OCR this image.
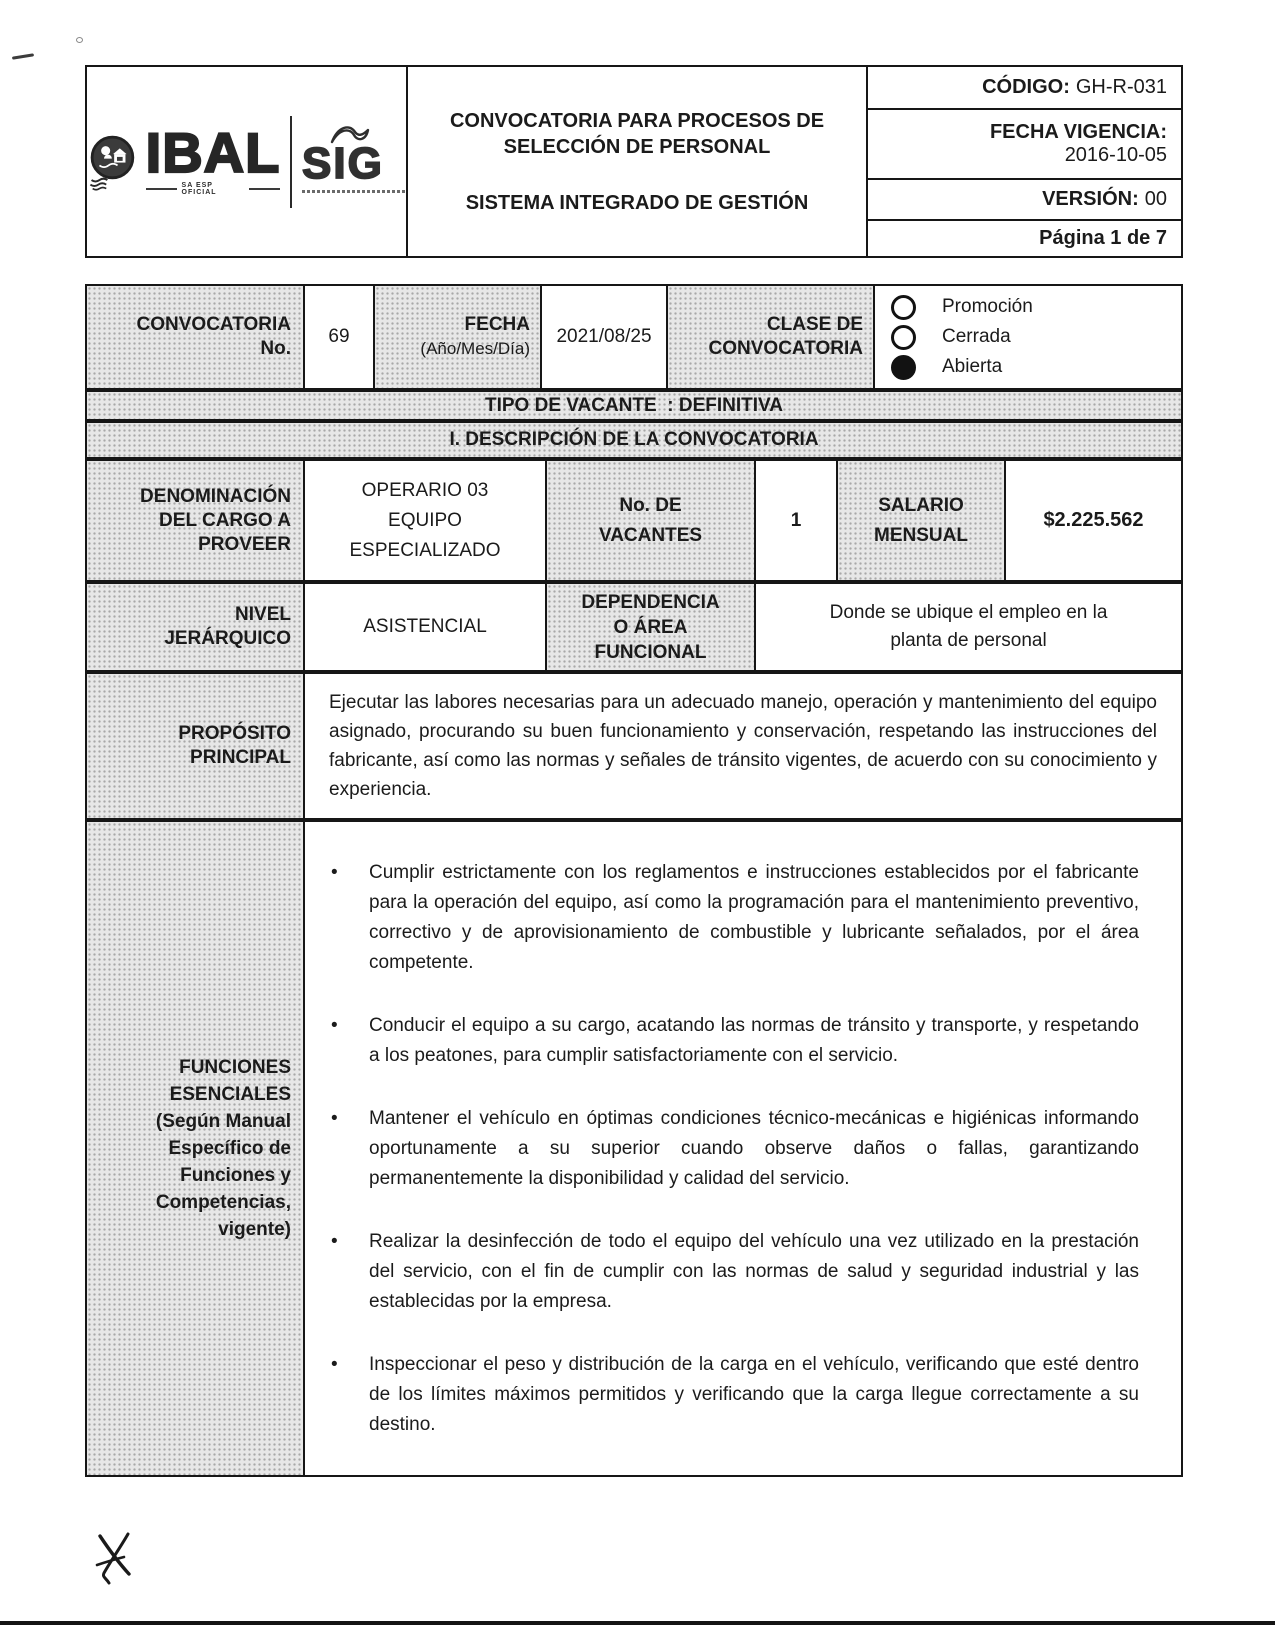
IBAL
SA ESP OFICIAL
SIG
CONVOCATORIA PARA PROCESOS DE SELECCIÓN DE PERSONAL
SISTEMA INTEGRADO DE GESTIÓN
CÓDIGO: GH-R-031
FECHA VIGENCIA:
2016-10-05
VERSIÓN: 00
Página 1 de 7
CONVOCATORIA
No.
69
FECHA
(Año/Mes/Día)
2021/08/25
CLASE DE
CONVOCATORIA
Promoción
Cerrada
Abierta
TIPO DE VACANTE  : DEFINITIVA
I. DESCRIPCIÓN DE LA CONVOCATORIA
DENOMINACIÓN DEL CARGO A PROVEER
OPERARIO 03 EQUIPO ESPECIALIZADO
No. DE VACANTES
1
SALARIO MENSUAL
$2.225.562
NIVEL JERÁRQUICO
ASISTENCIAL
DEPENDENCIA O ÁREA FUNCIONAL
Donde se ubique el empleo en la planta de personal
PROPÓSITO PRINCIPAL
Ejecutar las labores necesarias para un adecuado manejo, operación y mantenimiento del equipo asignado, procurando su buen funcionamiento y conservación, respetando las instrucciones del fabricante, así como las normas y señales de tránsito vigentes, de acuerdo con su conocimiento y experiencia.
FUNCIONES ESENCIALES
(Según Manual Específico de Funciones y Competencias, vigente)
•
Cumplir estrictamente con los reglamentos e instrucciones establecidos por el fabricante para la operación del equipo, así como la programación para el mantenimiento preventivo, correctivo y de aprovisionamiento de combustible y lubricante señalados, por el área competente.
•
Conducir el equipo a su cargo, acatando las normas de tránsito y transporte, y respetando a los peatones, para cumplir satisfactoriamente con el servicio.
•
Mantener el vehículo en óptimas condiciones técnico-mecánicas e higiénicas informando oportunamente a su superior cuando observe daños o fallas, garantizando permanentemente la disponibilidad y calidad del servicio.
•
Realizar la desinfección de todo el equipo del vehículo una vez utilizado en la prestación del servicio, con el fin de cumplir con las normas de salud y seguridad industrial y las establecidas por la empresa.
•
Inspeccionar el peso y distribución de la carga en el vehículo, verificando que esté dentro de los límites máximos permitidos y verificando que la carga llegue correctamente a su destino.
